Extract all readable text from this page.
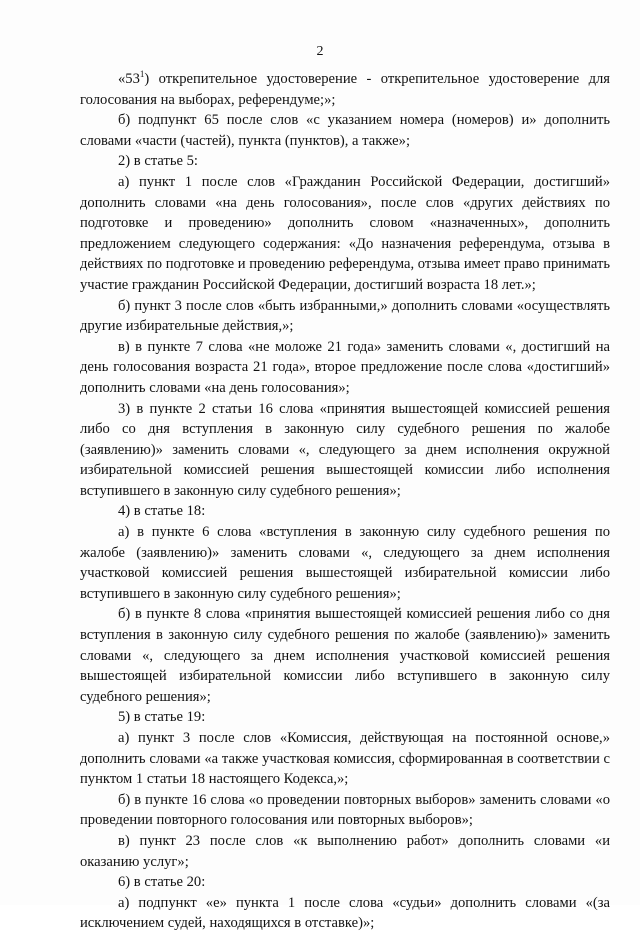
2

«$53^1$) открепительное удостоверение - открепительное удостоверение для голосования на выборах, референдуме;»;

б) подпункт 65 после слов «с указанием номера (номеров) и» дополнить словами «части (частей), пункта (пунктов), а также»;

2) в статье 5:

а) пункт 1 после слов «Гражданин Российской Федерации, достигший» дополнить словами «на день голосования», после слов «других действиях по подготовке и проведению» дополнить словом «назначенных», дополнить предложением следующего содержания: «До назначения референдума, отзыва в действиях по подготовке и проведению референдума, отзыва имеет право принимать участие гражданин Российской Федерации, достигший возраста 18 лет.»;

б) пункт 3 после слов «быть избранными,» дополнить словами «осуществлять другие избирательные действия,»;

в) в пункте 7 слова «не моложе 21 года» заменить словами «, достигший на день голосования возраста 21 года», второе предложение после слова «достигший» дополнить словами «на день голосования»;

3) в пункте 2 статьи 16 слова «принятия вышестоящей комиссией решения либо со дня вступления в законную силу судебного решения по жалобе (заявлению)» заменить словами «, следующего за днем исполнения окружной избирательной комиссией решения вышестоящей комиссии либо исполнения вступившего в законную силу судебного решения»;

4) в статье 18:

а) в пункте 6 слова «вступления в законную силу судебного решения по жалобе (заявлению)» заменить словами «, следующего за днем исполнения участковой комиссией решения вышестоящей избирательной комиссии либо вступившего в законную силу судебного решения»;

б) в пункте 8 слова «принятия вышестоящей комиссией решения либо со дня вступления в законную силу судебного решения по жалобе (заявлению)» заменить словами «, следующего за днем исполнения участковой комиссией решения вышестоящей избирательной комиссии либо вступившего в законную силу судебного решения»;

5) в статье 19:

а) пункт 3 после слов «Комиссия, действующая на постоянной основе,» дополнить словами «а также участковая комиссия, сформированная в соответствии с пунктом 1 статьи 18 настоящего Кодекса,»;

б) в пункте 16 слова «о проведении повторных выборов» заменить словами «о проведении повторного голосования или повторных выборов»;

в) пункт 23 после слов «к выполнению работ» дополнить словами «и оказанию услуг»;

6) в статье 20:

а) подпункт «е» пункта 1 после слова «судьи» дополнить словами «(за исключением судей, находящихся в отставке)»;
